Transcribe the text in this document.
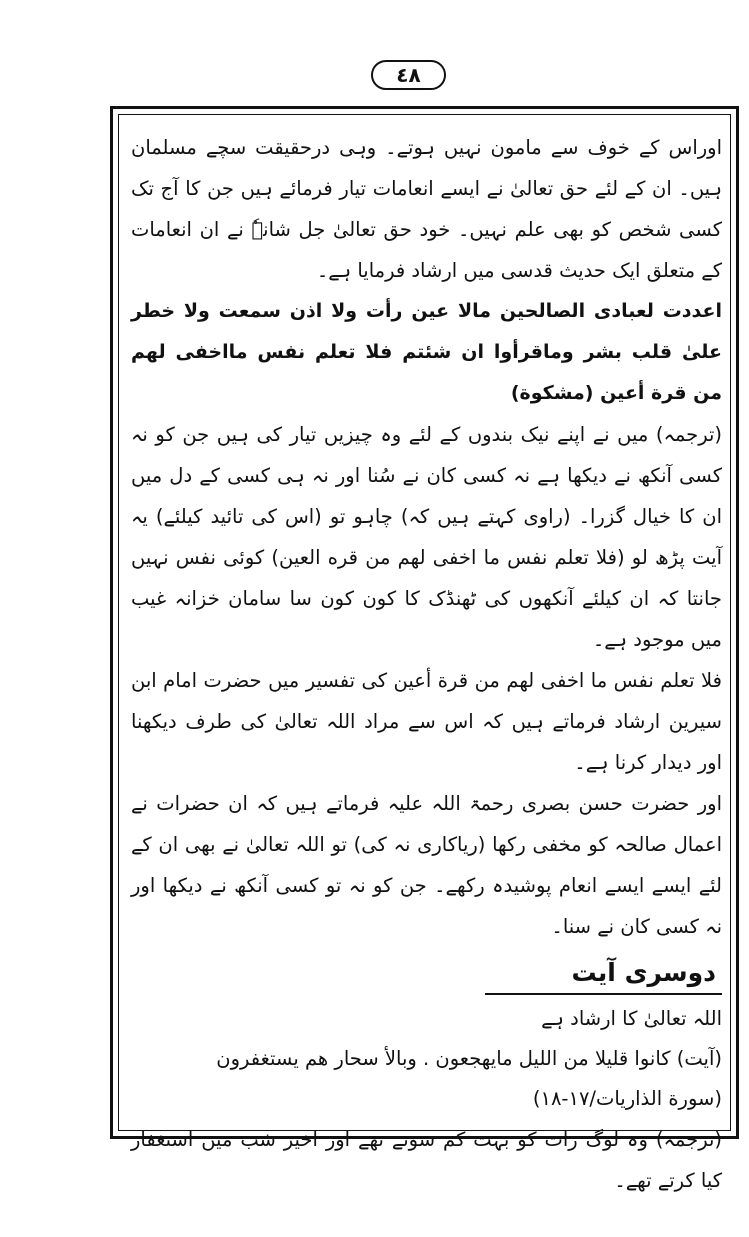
٤٨

اوراس کے خوف سے مامون نہیں ہوتے۔ وہی درحقیقت سچے مسلمان ہیں۔ ان کے لئے حق تعالیٰ نے ایسے انعامات تیار فرمائے ہیں جن کا آج تک کسی شخص کو بھی علم نہیں۔ خود حق تعالیٰ جل شانہٗ نے ان انعامات کے متعلق ایک حدیث قدسی میں ارشاد فرمایا ہے۔

اعددت لعبادى الصالحين مالا عين رأت ولا اذن سمعت ولا خطر علىٰ قلب بشر وماقرأوا ان شئتم فلا تعلم نفس مااخفى لهم من قرة أعين (مشكوة)

(ترجمہ) میں نے اپنے نیک بندوں کے لئے وہ چیزیں تیار کی ہیں جن کو نہ کسی آنکھ نے دیکھا ہے نہ کسی کان نے سُنا اور نہ ہی کسی کے دل میں ان کا خیال گزرا۔ (راوی کہتے ہیں کہ) چاہو تو (اس کی تائید کیلئے) یہ آیت پڑھ لو (فلا تعلم نفس ما اخفى لهم من قره العين) کوئی نفس نہیں جانتا کہ ان کیلئے آنکھوں کی ٹھنڈک کا کون کون سا سامان خزانہ غیب میں موجود ہے۔

فلا تعلم نفس ما اخفى لهم من قرة أعين کی تفسیر میں حضرت امام ابن سیرین ارشاد فرماتے ہیں کہ اس سے مراد اللہ تعالیٰ کی طرف دیکھنا اور دیدار کرنا ہے۔

اور حضرت حسن بصری رحمۃ اللہ علیہ فرماتے ہیں کہ ان حضرات نے اعمال صالحہ کو مخفی رکھا (ریاکاری نہ کی) تو اللہ تعالیٰ نے بھی ان کے لئے ایسے ایسے انعام پوشیدہ رکھے۔ جن کو نہ تو کسی آنکھ نے دیکھا اور نہ کسی کان نے سنا۔

دوسری آیت

اللہ تعالیٰ کا ارشاد ہے

(آیت) كانوا قليلا من الليل مايهجعون . وبالأ سحار هم يستغفرون

(سورة الذاريات/١٧-١٨)

(ترجمہ) وہ لوگ رات کو بہت کم سوتے تھے اور اخیر شب میں استغفار کیا کرتے تھے۔
